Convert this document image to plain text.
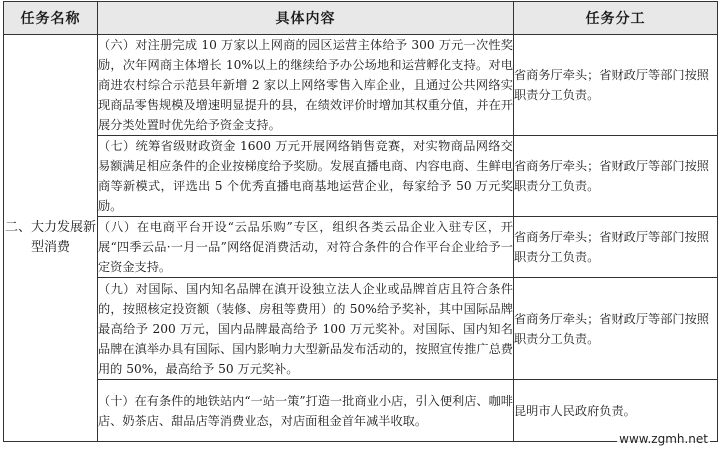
任务名称	具体内容	任务分工
二、大力发展新型消费	（六）对注册完成 10 万家以上网商的园区运营主体给予 300 万元一次性奖励，次年网商主体增长 10%以上的继续给予办公场地和运营孵化支持。对电商进农村综合示范县年新增 2 家以上网络零售入库企业，且通过公共网络实现商品零售规模及增速明显提升的县，在绩效评价时增加其权重分值，并在开展分类处置时优先给予资金支持。	省商务厅牵头；省财政厅等部门按照职责分工负责。
	（七）统筹省级财政资金 1600 万元开展网络销售竞赛，对实物商品网络交易额满足相应条件的企业按梯度给予奖励。发展直播电商、内容电商、生鲜电商等新模式，评选出 5 个优秀直播电商基地运营企业，每家给予 50 万元奖励。	省商务厅牵头；省财政厅等部门按照职责分工负责。
	（八）在电商平台开设“云品乐购”专区，组织各类云品企业入驻专区，开展“四季云品·一月一品”网络促消费活动，对符合条件的合作平台企业给予一定资金支持。	省商务厅牵头；省财政厅等部门按照职责分工负责。
	（九）对国际、国内知名品牌在滇开设独立法人企业或品牌首店且符合条件的，按照核定投资额（装修、房租等费用）的 50%给予奖补，其中国际品牌最高给予 200 万元，国内品牌最高给予 100 万元奖补。对国际、国内知名品牌在滇举办具有国际、国内影响力大型新品发布活动的，按照宣传推广总费用的 50%，最高给予 50 万元奖补。	省商务厅牵头；省财政厅等部门按照职责分工负责。
	（十）在有条件的地铁站内“一站一策”打造一批商业小店，引入便利店、咖啡店、奶茶店、甜品店等消费业态，对店面租金首年减半收取。	昆明市人民政府负责。
www.zgmh.net
